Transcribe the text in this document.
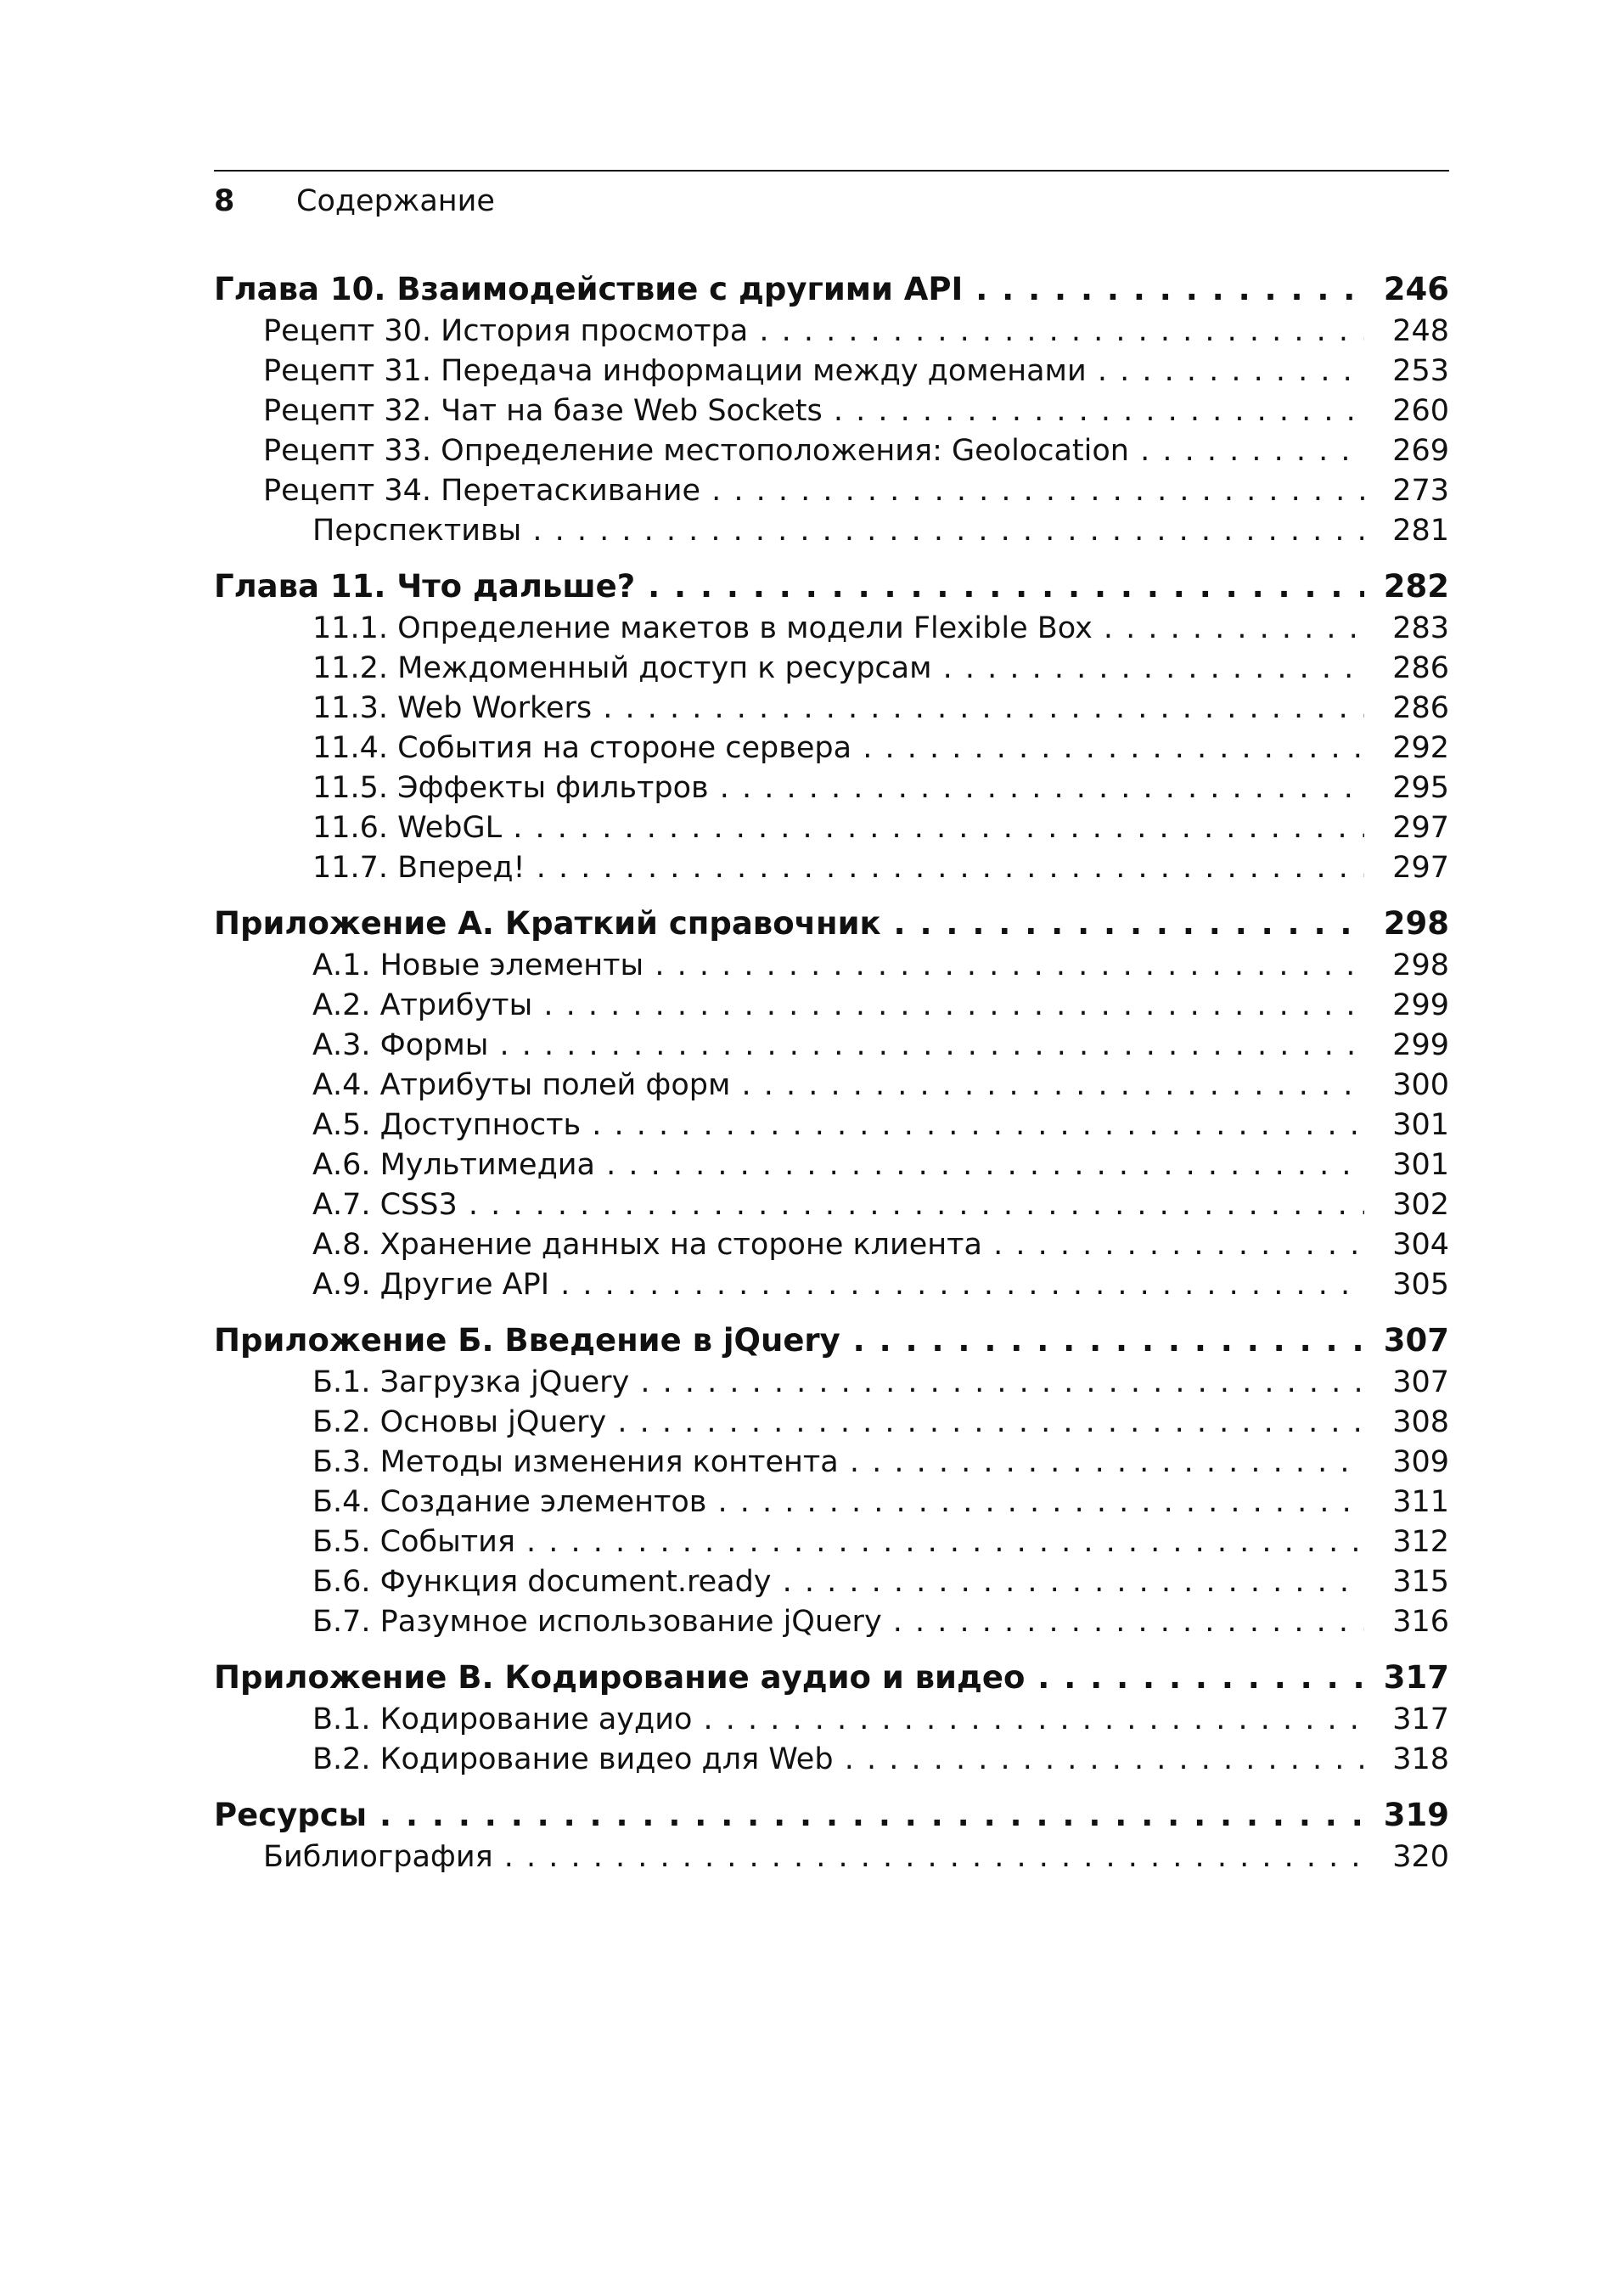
8 Содержание
Глава 10. Взаимодействие с другими API . . .	246
Рецепт 30. История просмотра . . .	248
Рецепт 31. Передача информации между доменами . . .	253
Рецепт 32. Чат на базе Web Sockets . . .	260
Рецепт 33. Определение местоположения: Geolocation . . .	269
Рецепт 34. Перетаскивание . . .	273
Перспективы . . .	281
Глава 11. Что дальше? . . .	282
11.1. Определение макетов в модели Flexible Box . . .	283
11.2. Междоменный доступ к ресурсам . . .	286
11.3. Web Workers . . .	286
11.4. События на стороне сервера . . .	292
11.5. Эффекты фильтров . . .	295
11.6. WebGL . . .	297
11.7. Вперед! . . .	297
Приложение А. Краткий справочник . . .	298
А.1. Новые элементы . . .	298
А.2. Атрибуты . . .	299
А.3. Формы . . .	299
А.4. Атрибуты полей форм . . .	300
А.5. Доступность . . .	301
А.6. Мультимедиа . . .	301
А.7. CSS3 . . .	302
А.8. Хранение данных на стороне клиента . . .	304
А.9. Другие API . . .	305
Приложение Б. Введение в jQuery . . .	307
Б.1. Загрузка jQuery . . .	307
Б.2. Основы jQuery . . .	308
Б.3. Методы изменения контента . . .	309
Б.4. Создание элементов . . .	311
Б.5. События . . .	312
Б.6. Функция document.ready . . .	315
Б.7. Разумное использование jQuery . . .	316
Приложение В. Кодирование аудио и видео . . .	317
В.1. Кодирование аудио . . .	317
В.2. Кодирование видео для Web . . .	318
Ресурсы . . .	319
Библиография . . .	320
